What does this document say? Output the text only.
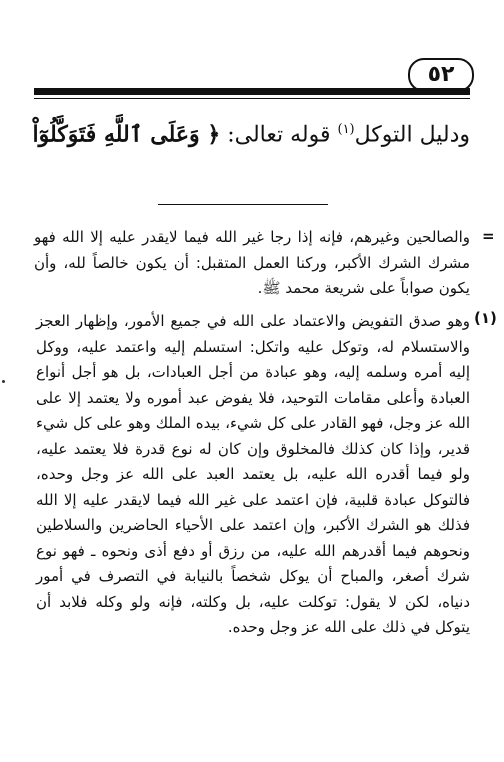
٥٢
ودليل التوكل$^{(١)}$ قوله تعالى: ﴿ وَعَلَى ٱللَّهِ فَتَوَكَّلُوٓاْ
=
والصالحين وغيرهم، فإنه إذا رجا غير الله فيما لايقدر عليه إلا الله فهو مشرك الشرك الأكبر، وركنا العمل المتقبل: أن يكون خالصاً لله، وأن يكون صواباً على شريعة محمد ﷺ.
(١)
وهو صدق التفويض والاعتماد على الله في جميع الأمور، وإظهار العجز والاستسلام له، وتوكل عليه واتكل: استسلم إليه واعتمد عليه، ووكل إليه أمره وسلمه إليه، وهو عبادة من أجل العبادات، بل هو أجل أنواع العبادة وأعلى مقامات التوحيد، فلا يفوض عبد أموره ولا يعتمد إلا على الله عز وجل، فهو القادر على كل شيء، بيده الملك وهو على كل شيء قدير، وإذا كان كذلك فالمخلوق وإن كان له نوع قدرة فلا يعتمد عليه، ولو فيما أقدره الله عليه، بل يعتمد العبد على الله عز وجل وحده، فالتوكل عبادة قلبية، فإن اعتمد على غير الله فيما لايقدر عليه إلا الله فذلك هو الشرك الأكبر، وإن اعتمد على الأحياء الحاضرين والسلاطين ونحوهم فيما أقدرهم الله عليه، من رزق أو دفع أذى ونحوه ـ فهو نوع شرك أصغر، والمباح أن يوكل شخصاً بالنيابة في التصرف في أمور دنياه، لكن لا يقول: توكلت عليه، بل وكلته، فإنه ولو وكله فلابد أن يتوكل في ذلك على الله عز وجل وحده.
